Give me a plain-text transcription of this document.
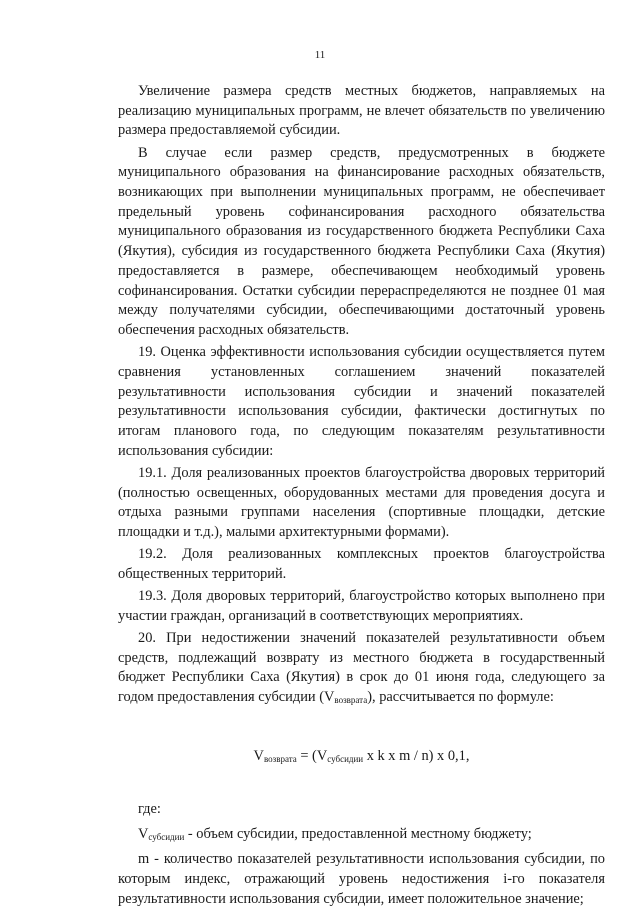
11

Увеличение размера средств местных бюджетов, направляемых на реализацию муниципальных программ, не влечет обязательств по увеличению размера предоставляемой субсидии.

В случае если размер средств, предусмотренных в бюджете муниципального образования на финансирование расходных обязательств, возникающих при выполнении муниципальных программ, не обеспечивает предельный уровень софинансирования расходного обязательства муниципального образования из государственного бюджета Республики Саха (Якутия), субсидия из государственного бюджета Республики Саха (Якутия) предоставляется в размере, обеспечивающем необходимый уровень софинансирования. Остатки субсидии перераспределяются не позднее 01 мая между получателями субсидии, обеспечивающими достаточный уровень обеспечения расходных обязательств.

19. Оценка эффективности использования субсидии осуществляется путем сравнения установленных соглашением значений показателей результативности использования субсидии и значений показателей результативности использования субсидии, фактически достигнутых по итогам планового года, по следующим показателям результативности использования субсидии:

19.1. Доля реализованных проектов благоустройства дворовых территорий (полностью освещенных, оборудованных местами для проведения досуга и отдыха разными группами населения (спортивные площадки, детские площадки и т.д.), малыми архитектурными формами).

19.2. Доля реализованных комплексных проектов благоустройства общественных территорий.

19.3. Доля дворовых территорий, благоустройство которых выполнено при участии граждан, организаций в соответствующих мероприятиях.

20. При недостижении значений показателей результативности объем средств, подлежащий возврату из местного бюджета в государственный бюджет Республики Саха (Якутия) в срок до 01 июня года, следующего за годом предоставления субсидии $(V_{возврата})$, рассчитывается по формуле:

$V_{возврата} = (V_{субсидии}$ x k x m / n) x 0,1,

где:

$V_{субсидии}$ - объем субсидии, предоставленной местному бюджету;

m - количество показателей результативности использования субсидии, по которым индекс, отражающий уровень недостижения i-го показателя результативности использования субсидии, имеет положительное значение;
